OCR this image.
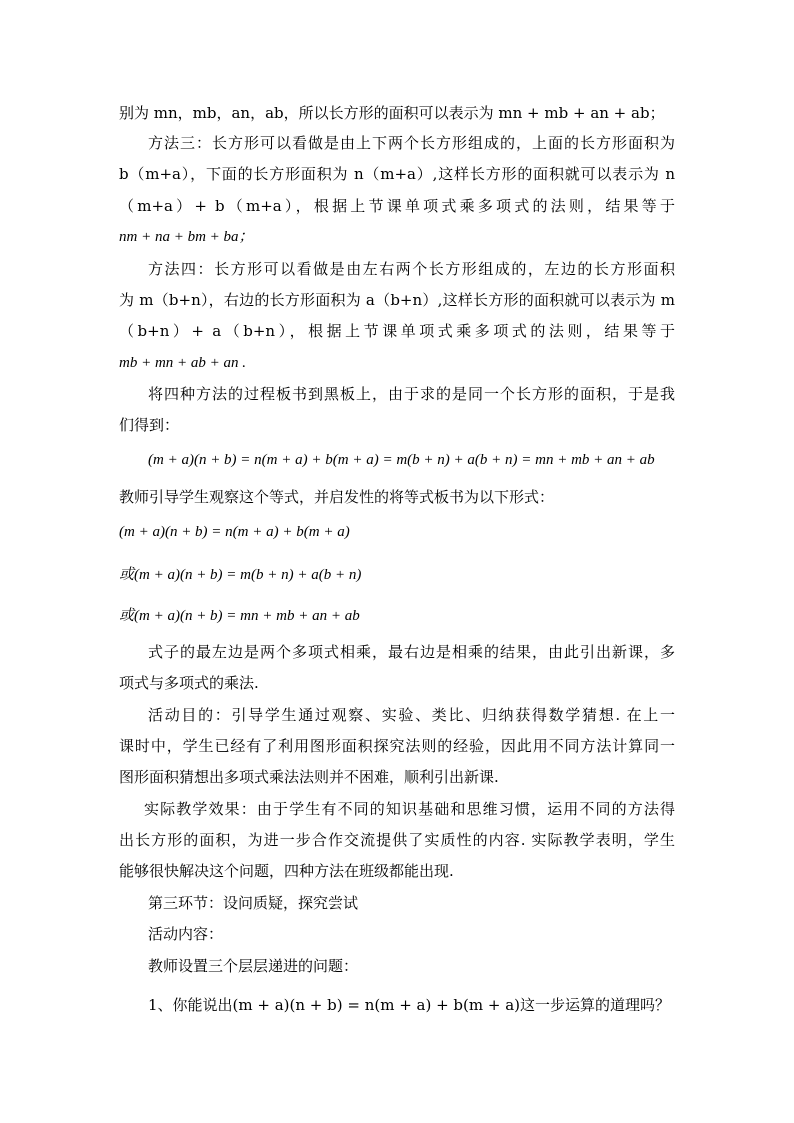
别为 mn，mb，an，ab，所以长方形的面积可以表示为 mn + mb + an + ab；
方法三：长方形可以看做是由上下两个长方形组成的，上面的长方形面积为
b（m+a），下面的长方形面积为 n（m+a）,这样长方形的面积就可以表示为 n
（m+a）+ b（m+a），根据上节课单项式乘多项式的法则，结果等于
nm + na + bm + ba；
方法四：长方形可以看做是由左右两个长方形组成的，左边的长方形面积
为 m（b+n），右边的长方形面积为 a（b+n）,这样长方形的面积就可以表示为 m
（b+n）+ a（b+n），根据上节课单项式乘多项式的法则，结果等于
mb + mn + ab + an .
将四种方法的过程板书到黑板上，由于求的是同一个长方形的面积，于是我
们得到：
(m + a)(n + b) = n(m + a) + b(m + a) = m(b + n) + a(b + n) = mn + mb + an + ab
教师引导学生观察这个等式，并启发性的将等式板书为以下形式：
(m + a)(n + b) = n(m + a) + b(m + a)
或(m + a)(n + b) = m(b + n) + a(b + n)
或(m + a)(n + b) = mn + mb + an + ab
式子的最左边是两个多项式相乘，最右边是相乘的结果，由此引出新课，多
项式与多项式的乘法.
活动目的：引导学生通过观察、实验、类比、归纳获得数学猜想. 在上一
课时中，学生已经有了利用图形面积探究法则的经验，因此用不同方法计算同一
图形面积猜想出多项式乘法法则并不困难，顺利引出新课.
实际教学效果：由于学生有不同的知识基础和思维习惯，运用不同的方法得
出长方形的面积，为进一步合作交流提供了实质性的内容. 实际教学表明，学生
能够很快解决这个问题，四种方法在班级都能出现.
第三环节：设问质疑，探究尝试
活动内容：
教师设置三个层层递进的问题：
1、你能说出(m + a)(n + b) = n(m + a) + b(m + a)这一步运算的道理吗？
